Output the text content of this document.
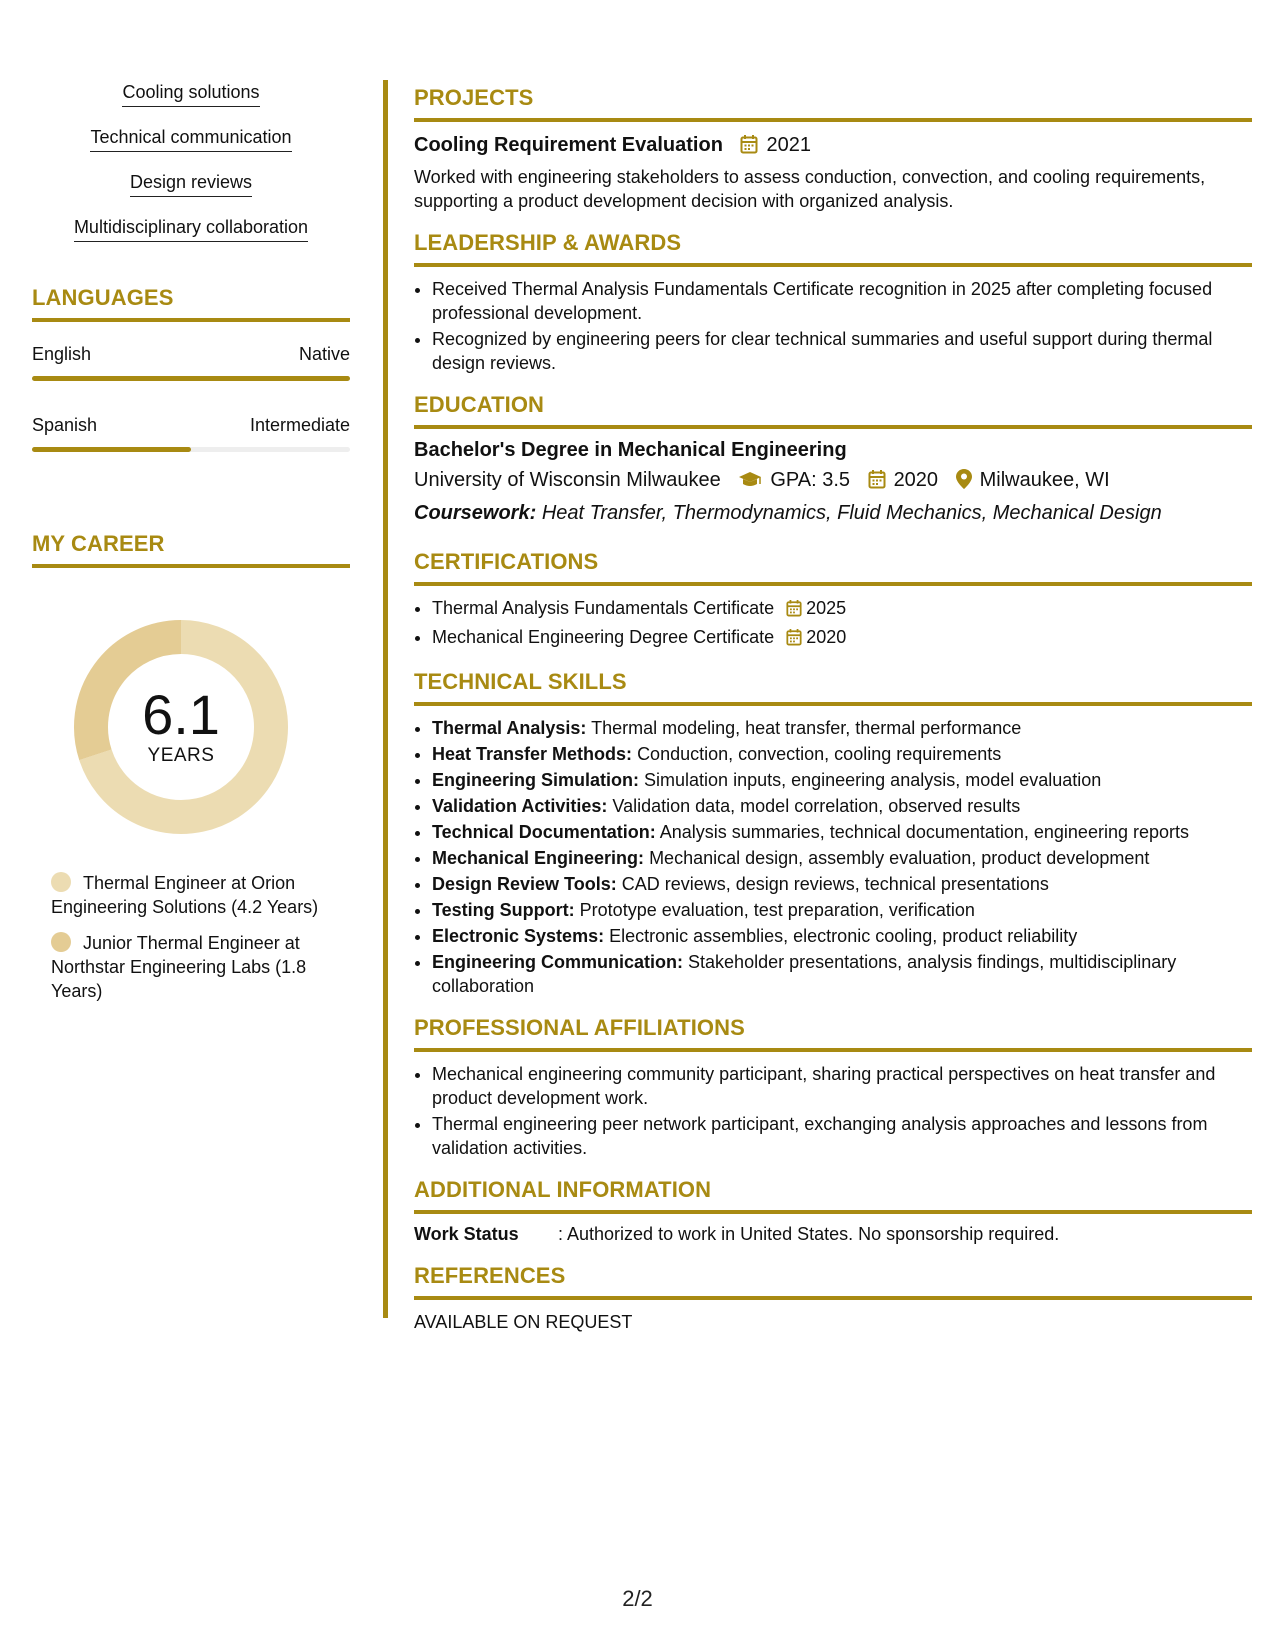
Cooling solutions
Technical communication
Design reviews
Multidisciplinary collaboration
LANGUAGES
English	Native
Spanish	Intermediate
MY CAREER
6.1
YEARS
Thermal Engineer at Orion Engineering Solutions (4.2 Years)
Junior Thermal Engineer at Northstar Engineering Labs (1.8 Years)
PROJECTS
Cooling Requirement Evaluation 2021
Worked with engineering stakeholders to assess conduction, convection, and cooling requirements, supporting a product development decision with organized analysis.
LEADERSHIP & AWARDS
• Received Thermal Analysis Fundamentals Certificate recognition in 2025 after completing focused professional development.
• Recognized by engineering peers for clear technical summaries and useful support during thermal design reviews.
EDUCATION
Bachelor's Degree in Mechanical Engineering
University of Wisconsin Milwaukee GPA: 3.5 2020 Milwaukee, WI
Coursework: Heat Transfer, Thermodynamics, Fluid Mechanics, Mechanical Design
CERTIFICATIONS
• Thermal Analysis Fundamentals Certificate 2025
• Mechanical Engineering Degree Certificate 2020
TECHNICAL SKILLS
• Thermal Analysis: Thermal modeling, heat transfer, thermal performance
• Heat Transfer Methods: Conduction, convection, cooling requirements
• Engineering Simulation: Simulation inputs, engineering analysis, model evaluation
• Validation Activities: Validation data, model correlation, observed results
• Technical Documentation: Analysis summaries, technical documentation, engineering reports
• Mechanical Engineering: Mechanical design, assembly evaluation, product development
• Design Review Tools: CAD reviews, design reviews, technical presentations
• Testing Support: Prototype evaluation, test preparation, verification
• Electronic Systems: Electronic assemblies, electronic cooling, product reliability
• Engineering Communication: Stakeholder presentations, analysis findings, multidisciplinary collaboration
PROFESSIONAL AFFILIATIONS
• Mechanical engineering community participant, sharing practical perspectives on heat transfer and product development work.
• Thermal engineering peer network participant, exchanging analysis approaches and lessons from validation activities.
ADDITIONAL INFORMATION
Work Status	: Authorized to work in United States. No sponsorship required.
REFERENCES
AVAILABLE ON REQUEST
2/2
